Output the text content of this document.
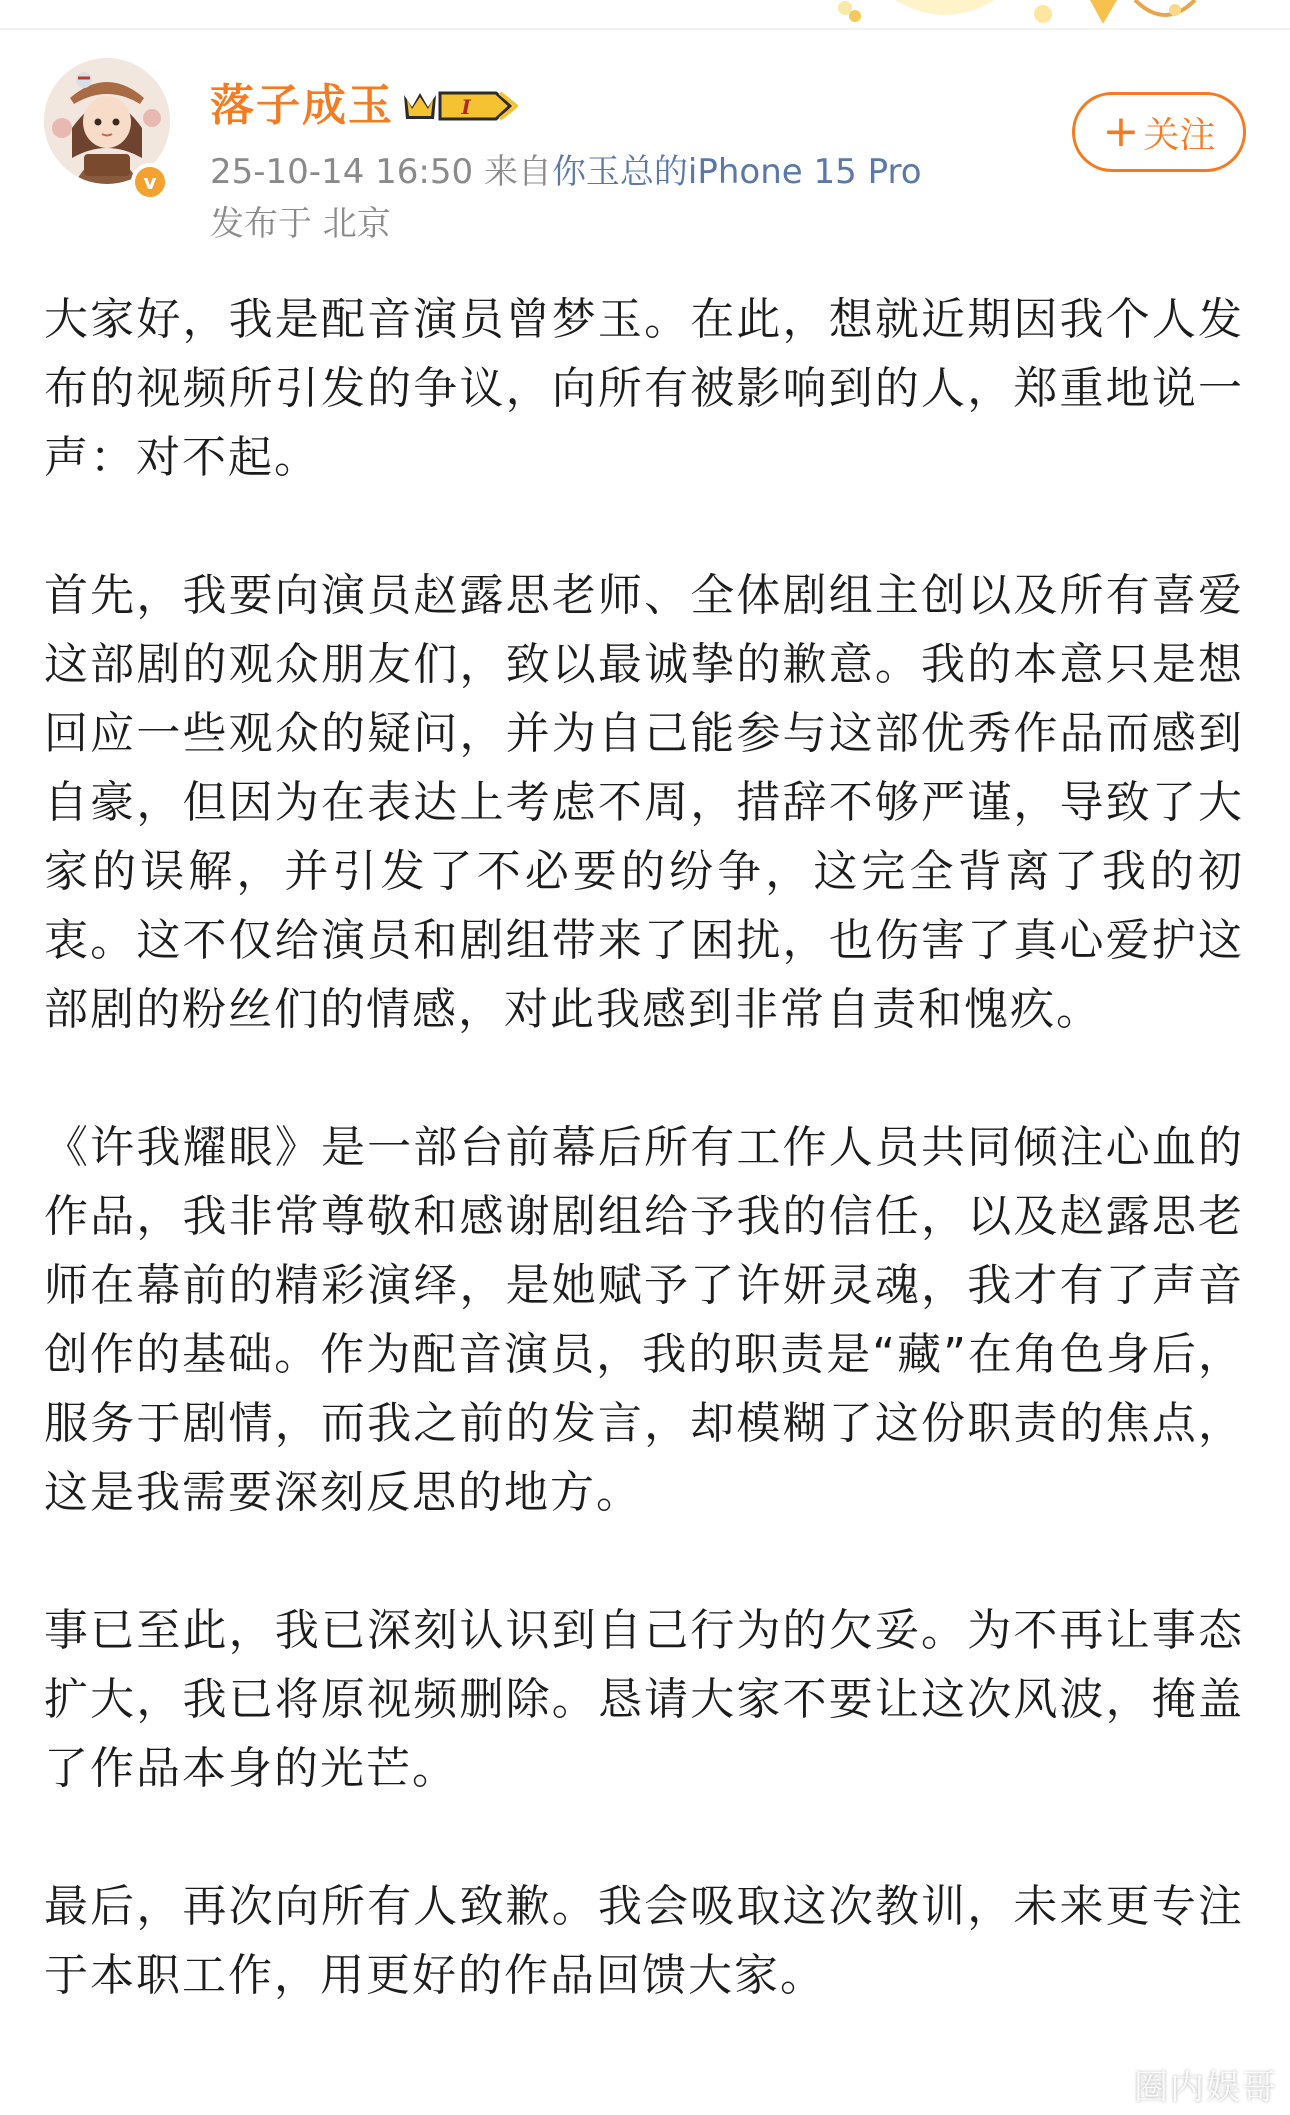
v
落子成玉	I
25-10-14 16:50 来自你玉总的iPhone 15 Pro
发布于 北京
+ 关注

大家好，我是配音演员曾梦玉。在此，想就近期因我个人发布的视频所引发的争议，向所有被影响到的人，郑重地说一声：对不起。

首先，我要向演员赵露思老师、全体剧组主创以及所有喜爱这部剧的观众朋友们，致以最诚挚的歉意。我的本意只是想回应一些观众的疑问，并为自己能参与这部优秀作品而感到自豪，但因为在表达上考虑不周，措辞不够严谨，导致了大家的误解，并引发了不必要的纷争，这完全背离了我的初衷。这不仅给演员和剧组带来了困扰，也伤害了真心爱护这部剧的粉丝们的情感，对此我感到非常自责和愧疚。

《许我耀眼》是一部台前幕后所有工作人员共同倾注心血的作品，我非常尊敬和感谢剧组给予我的信任，以及赵露思老师在幕前的精彩演绎，是她赋予了许妍灵魂，我才有了声音创作的基础。作为配音演员，我的职责是“藏”在角色身后，服务于剧情，而我之前的发言，却模糊了这份职责的焦点，这是我需要深刻反思的地方。

事已至此，我已深刻认识到自己行为的欠妥。为不再让事态扩大，我已将原视频删除。恳请大家不要让这次风波，掩盖了作品本身的光芒。

最后，再次向所有人致歉。我会吸取这次教训，未来更专注于本职工作，用更好的作品回馈大家。

圈内娱哥
